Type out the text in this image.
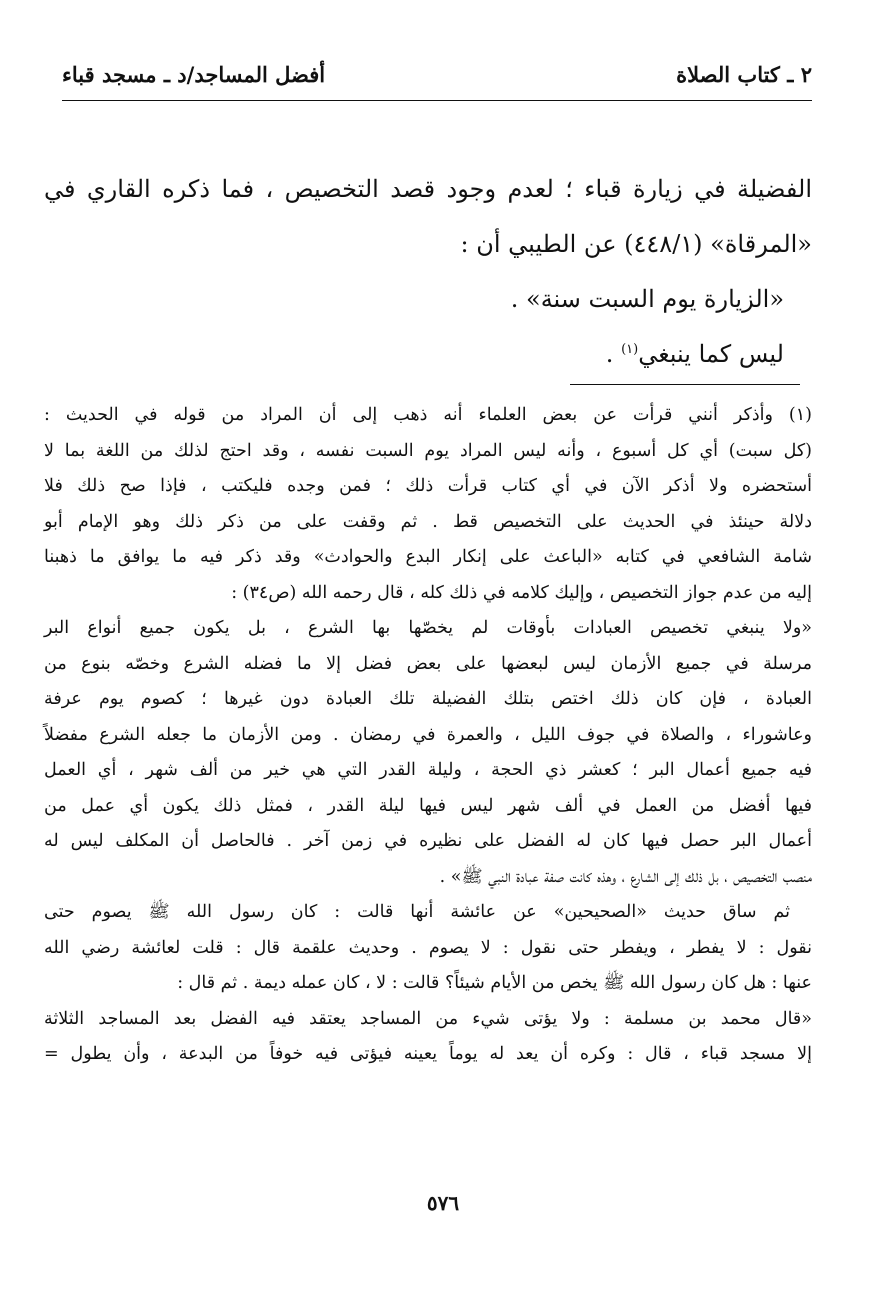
٢ ـ كتاب الصلاة
أفضل المساجد/د ـ مسجد قباء

الفضيلة في زيارة قباء ؛ لعدم وجود قصد التخصيص ، فما ذكره القاري في

«المرقاة» (٤٤٨/١) عن الطيبي أن :

«الزيارة يوم السبت سنة» .

ليس كما ينبغي$^{(١)}$ .

(١) وأذكر أنني قرأت عن بعض العلماء أنه ذهب إلى أن المراد من قوله في الحديث :

(كل سبت) أي كل أسبوع ، وأنه ليس المراد يوم السبت نفسه ، وقد احتج لذلك من اللغة بما لا

أستحضره ولا أذكر الآن في أي كتاب قرأت ذلك ؛ فمن وجده فليكتب ، فإذا صح ذلك فلا

دلالة حينئذ في الحديث على التخصيص قط . ثم وقفت على من ذكر ذلك وهو الإمام أبو

شامة الشافعي في كتابه «الباعث على إنكار البدع والحوادث» وقد ذكر فيه ما يوافق ما ذهبنا

إليه من عدم جواز التخصيص ، وإليك كلامه في ذلك كله ، قال رحمه الله (ص٣٤) :

«ولا ينبغي تخصيص العبادات بأوقات لم يخصّها بها الشرع ، بل يكون جميع أنواع البر

مرسلة في جميع الأزمان ليس لبعضها على بعض فضل إلا ما فضله الشرع وخصّه بنوع من

العبادة ، فإن كان ذلك اختص بتلك الفضيلة تلك العبادة دون غيرها ؛ كصوم يوم عرفة

وعاشوراء ، والصلاة في جوف الليل ، والعمرة في رمضان . ومن الأزمان ما جعله الشرع مفضلاً

فيه جميع أعمال البر ؛ كعشر ذي الحجة ، وليلة القدر التي هي خير من ألف شهر ، أي العمل

فيها أفضل من العمل في ألف شهر ليس فيها ليلة القدر ، فمثل ذلك يكون أي عمل من

أعمال البر حصل فيها كان له الفضل على نظيره في زمن آخر . فالحاصل أن المكلف ليس له

منصب التخصيص ، بل ذلك إلى الشارع ، وهذه كانت صفة عبادة النبي ﷺ» .

ثم ساق حديث «الصحيحين» عن عائشة أنها قالت : كان رسول الله ﷺ يصوم حتى

نقول : لا يفطر ، ويفطر حتى نقول : لا يصوم . وحديث علقمة قال : قلت لعائشة رضي الله

عنها : هل كان رسول الله ﷺ يخص من الأيام شيئاً؟ قالت : لا ، كان عمله ديمة . ثم قال :

«قال محمد بن مسلمة : ولا يؤتى شيء من المساجد يعتقد فيه الفضل بعد المساجد الثلاثة

إلا مسجد قباء ، قال : وكره أن يعد له يوماً يعينه فيؤتى فيه خوفاً من البدعة ، وأن يطول =

٥٧٦
